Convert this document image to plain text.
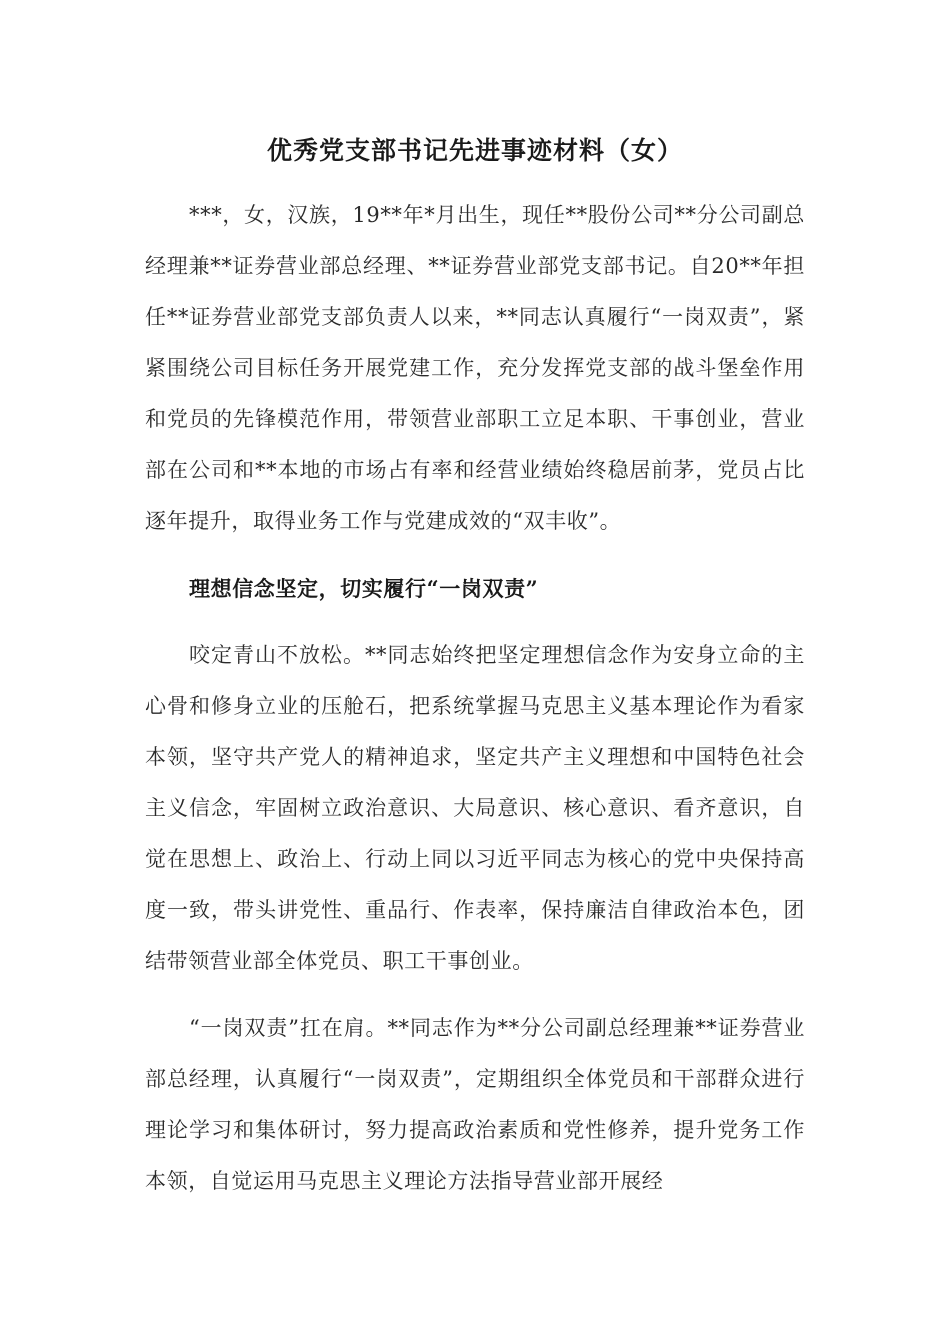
优秀党支部书记先进事迹材料（女）

***，女，汉族，19**年*月出生，现任**股份公司**分公司副总经理兼**证券营业部总经理、**证券营业部党支部书记。自20**年担任**证券营业部党支部负责人以来，**同志认真履行“一岗双责”，紧紧围绕公司目标任务开展党建工作，充分发挥党支部的战斗堡垒作用和党员的先锋模范作用，带领营业部职工立足本职、干事创业，营业部在公司和**本地的市场占有率和经营业绩始终稳居前茅，党员占比逐年提升，取得业务工作与党建成效的“双丰收”。

理想信念坚定，切实履行“一岗双责”

咬定青山不放松。**同志始终把坚定理想信念作为安身立命的主心骨和修身立业的压舱石，把系统掌握马克思主义基本理论作为看家本领，坚守共产党人的精神追求，坚定共产主义理想和中国特色社会主义信念，牢固树立政治意识、大局意识、核心意识、看齐意识，自觉在思想上、政治上、行动上同以习近平同志为核心的党中央保持高度一致，带头讲党性、重品行、作表率，保持廉洁自律政治本色，团结带领营业部全体党员、职工干事创业。

“一岗双责”扛在肩。**同志作为**分公司副总经理兼**证券营业部总经理，认真履行“一岗双责”，定期组织全体党员和干部群众进行理论学习和集体研讨，努力提高政治素质和党性修养，提升党务工作本领，自觉运用马克思主义理论方法指导营业部开展经
